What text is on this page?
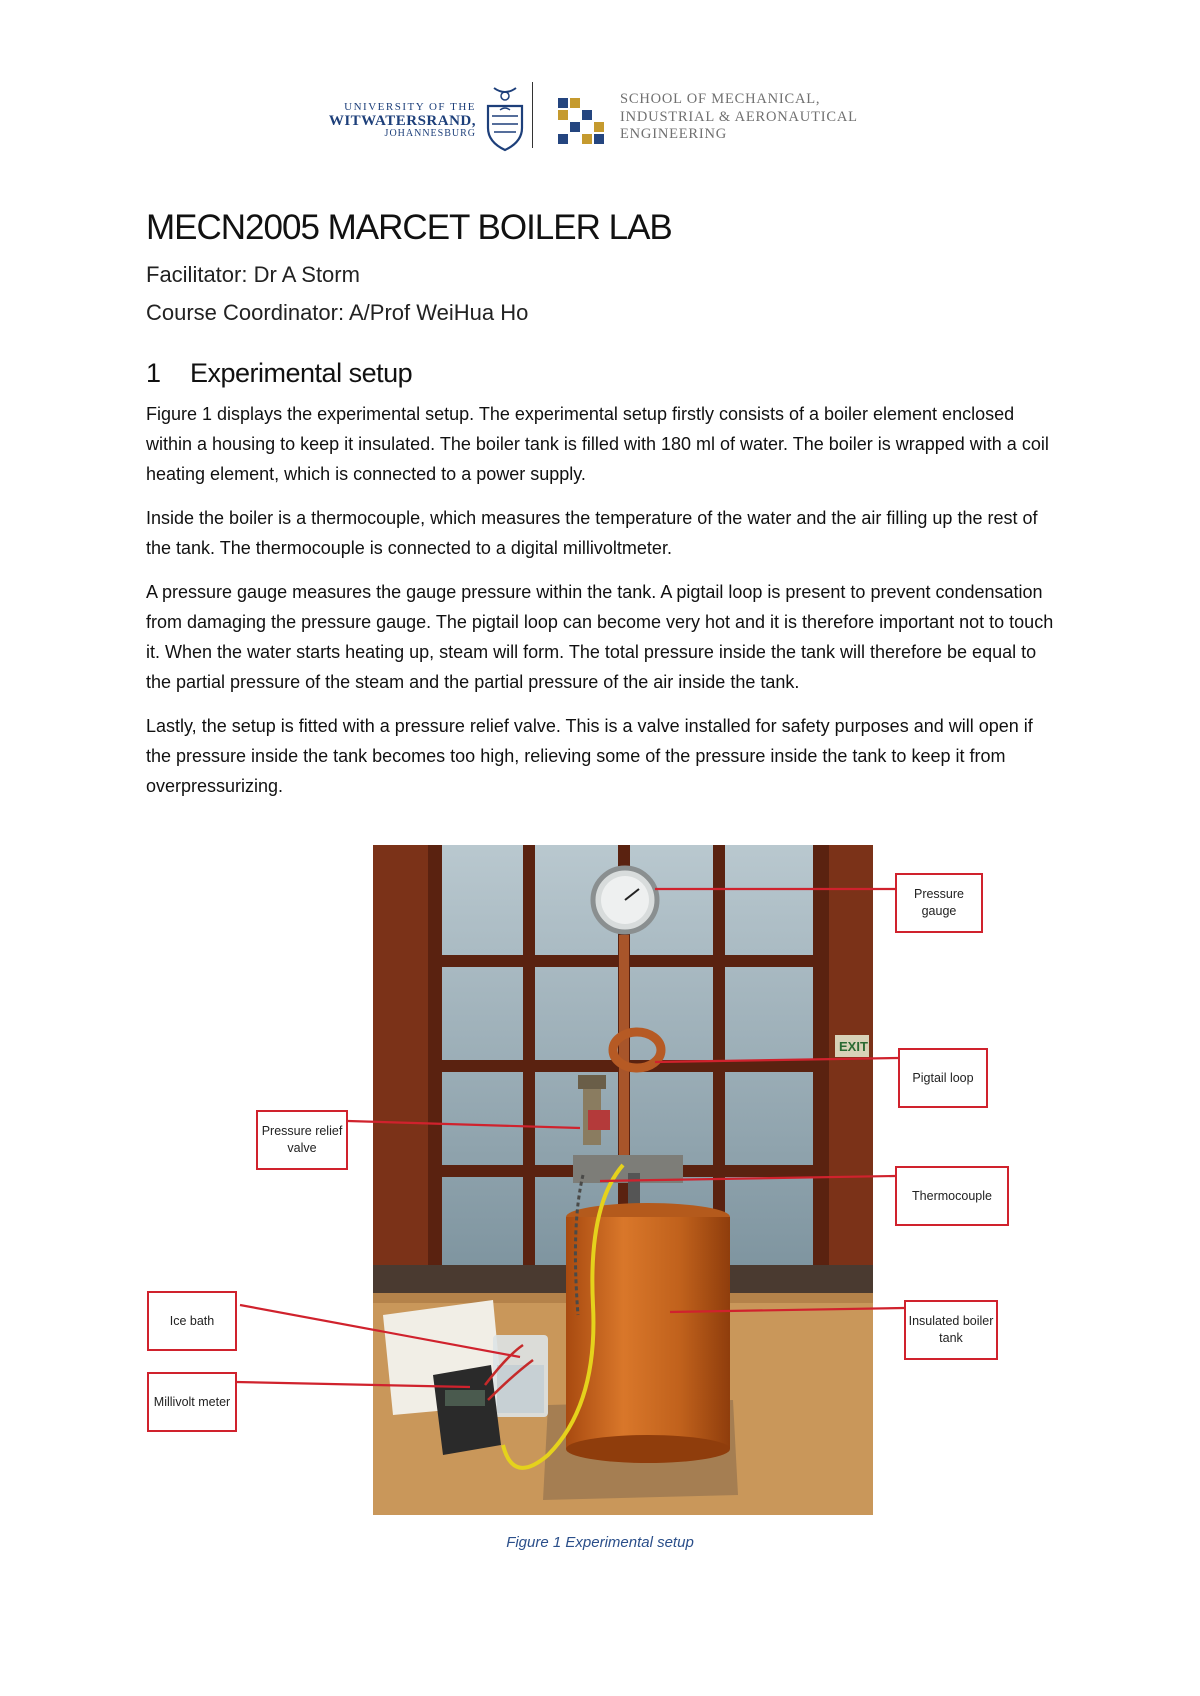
UNIVERSITY OF THE
WITWATERSRAND,
JOHANNESBURG
SCHOOL OF MECHANICAL,
INDUSTRIAL & AERONAUTICAL
ENGINEERING
MECN2005 MARCET BOILER LAB

Facilitator: Dr A Storm

Course Coordinator: A/Prof WeiHua Ho

1 Experimental setup

Figure 1 displays the experimental setup. The experimental setup firstly consists of a boiler element enclosed within a housing to keep it insulated. The boiler tank is filled with 180 ml of water. The boiler is wrapped with a coil heating element, which is connected to a power supply.

Inside the boiler is a thermocouple, which measures the temperature of the water and the air filling up the rest of the tank. The thermocouple is connected to a digital millivoltmeter.

A pressure gauge measures the gauge pressure within the tank. A pigtail loop is present to prevent condensation from damaging the pressure gauge. The pigtail loop can become very hot and it is therefore important not to touch it. When the water starts heating up, steam will form. The total pressure inside the tank will therefore be equal to the partial pressure of the steam and the partial pressure of the air inside the tank.

Lastly, the setup is fitted with a pressure relief valve. This is a valve installed for safety purposes and will open if the pressure inside the tank becomes too high, relieving some of the pressure inside the tank to keep it from overpressurizing.

EXIT
Pressure gauge
Pigtail loop
Pressure relief valve
Thermocouple
Ice bath	Insulated boiler tank
Millivolt meter

Figure 1 Experimental setup
